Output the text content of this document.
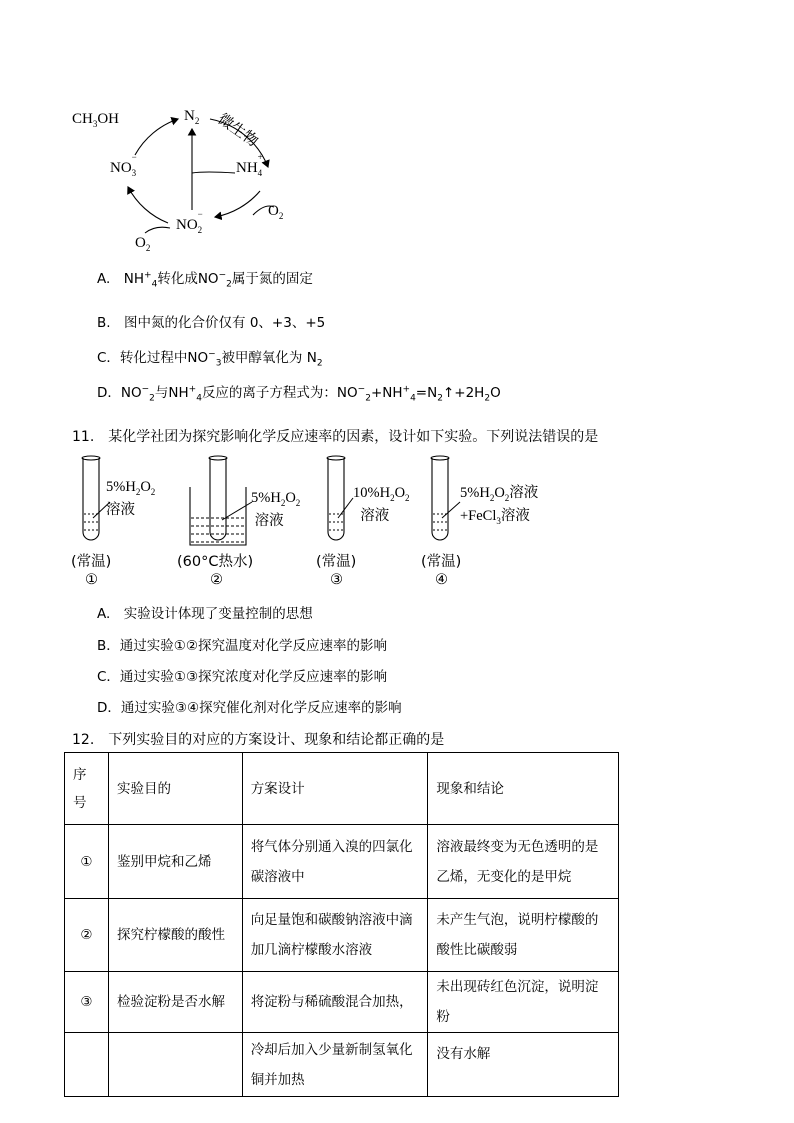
$CH_3OH$	$N_2$ 微生物
$NH_4$
+
$NO_3$
−
$NO_2$
−	$O_2$
$O_2$
A.　$NH^+_4$转化成$NO^-_2$属于氮的固定
B.　图中氮的化合价仅有 0、+3、+5
C．转化过程中$NO^-_3$被甲醇氧化为 $N_2$
D．$NO^-_2$与$NH^+_4$反应的离子方程式为：$NO^-_2+NH^+_4=N_2↑+2H_2O$
11.　某化学社团为探究影响化学反应速率的因素，设计如下实验。下列说法错误的是
$5\%H_2O_2$
溶液
$5\%H_2O_2$
溶液
$10\%H_2O_2$
溶液
$5\%H_2O_2$溶液
+FeCl$_3$溶液
(常温)	(60°C热水)	(常温)	(常温)
①	②	③	④
A.　实验设计体现了变量控制的思想
B．通过实验①②探究温度对化学反应速率的影响
C．通过实验①③探究浓度对化学反应速率的影响
D．通过实验③④探究催化剂对化学反应速率的影响
12.　下列实验目的对应的方案设计、现象和结论都正确的是
序
号	实验目的	方案设计	现象和结论
①	鉴别甲烷和乙烯	将气体分别通入溴的四氯化碳溶液中	溶液最终变为无色透明的是乙烯，无变化的是甲烷
②	探究柠檬酸的酸性	向足量饱和碳酸钠溶液中滴加几滴柠檬酸水溶液	未产生气泡，说明柠檬酸的酸性比碳酸弱
③	检验淀粉是否水解	将淀粉与稀硫酸混合加热，	未出现砖红色沉淀，说明淀粉
		冷却后加入少量新制氢氧化铜并加热	没有水解
